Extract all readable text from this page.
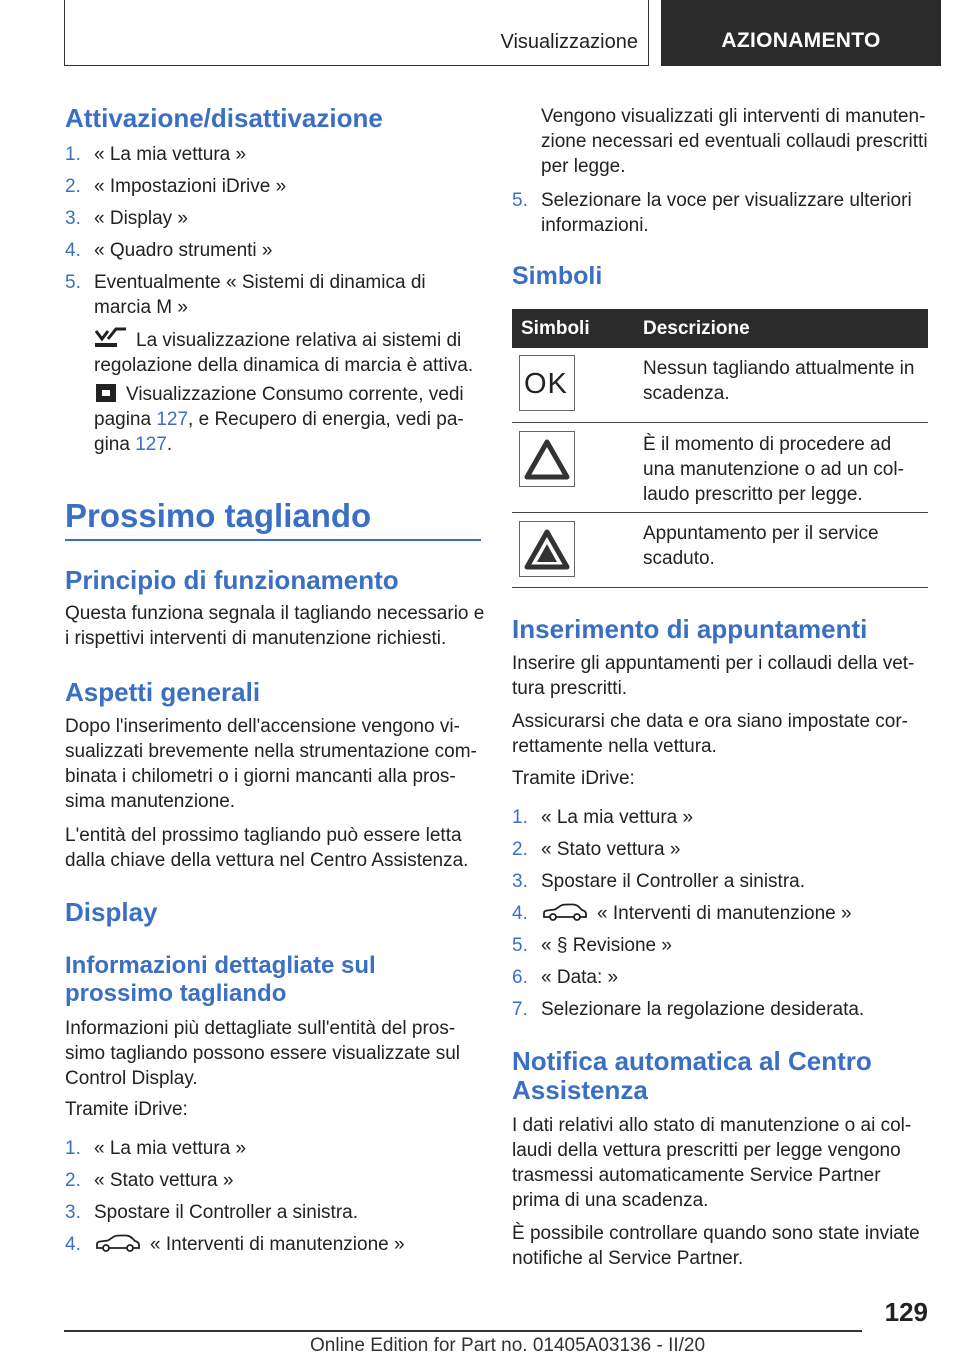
Visualizzazione	AZIONAMENTO
Attivazione/disattivazione
1. « La mia vettura »
2. « Impostazioni iDrive »
3. « Display »
4. « Quadro strumenti »
5. Eventualmente « Sistemi di dinamica di
marcia M »
La visualizzazione relativa ai sistemi di
regolazione della dinamica di marcia è attiva.
Visualizzazione Consumo corrente, vedi
pagina 127, e Recupero di energia, vedi pa-
gina 127.
Prossimo tagliando
Principio di funzionamento
Questa funziona segnala il tagliando necessario e
i rispettivi interventi di manutenzione richiesti.
Aspetti generali
Dopo l'inserimento dell'accensione vengono vi-
sualizzati brevemente nella strumentazione com-
binata i chilometri o i giorni mancanti alla pros-
sima manutenzione.
L'entità del prossimo tagliando può essere letta
dalla chiave della vettura nel Centro Assistenza.
Display
Informazioni dettagliate sul
prossimo tagliando
Informazioni più dettagliate sull'entità del pros-
simo tagliando possono essere visualizzate sul
Control Display.
Tramite iDrive:
1. « La mia vettura »
2. « Stato vettura »
3. Spostare il Controller a sinistra.
4.	« Interventi di manutenzione »
Vengono visualizzati gli interventi di manuten-
zione necessari ed eventuali collaudi prescritti
per legge.
5. Selezionare la voce per visualizzare ulteriori
informazioni.
Simboli
Simboli	Descrizione
OK	Nessun tagliando attualmente in
scadenza.
È il momento di procedere ad
una manutenzione o ad un col-
laudo prescritto per legge.
Appuntamento per il service
scaduto.
Inserimento di appuntamenti
Inserire gli appuntamenti per i collaudi della vet-
tura prescritti.
Assicurarsi che data e ora siano impostate cor-
rettamente nella vettura.
Tramite iDrive:
1. « La mia vettura »
2. « Stato vettura »
3. Spostare il Controller a sinistra.
4.	« Interventi di manutenzione »
5. « § Revisione »
6. « Data: »
7. Selezionare la regolazione desiderata.
Notifica automatica al Centro
Assistenza
I dati relativi allo stato di manutenzione o ai col-
laudi della vettura prescritti per legge vengono
trasmessi automaticamente Service Partner
prima di una scadenza.
È possibile controllare quando sono state inviate
notifiche al Service Partner.
129
Online Edition for Part no. 01405A03136 - II/20
